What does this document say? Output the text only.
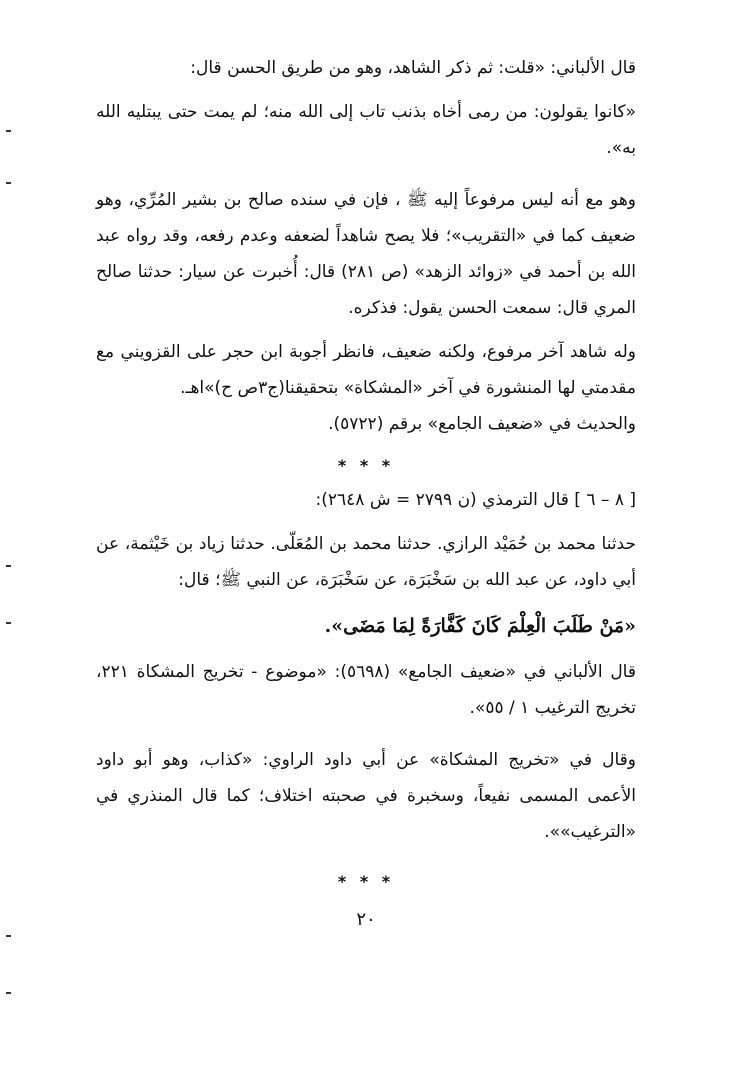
قال الألباني: «قلت: ثم ذكر الشاهد، وهو من طريق الحسن قال:

«كانوا يقولون: من رمى أخاه بذنب تاب إلى الله منه؛ لم يمت حتى يبتليه الله به».

وهو مع أنه ليس مرفوعاً إليه ﷺ ، فإن في سنده صالح بن بشير المُرِّي، وهو ضعيف كما في «التقريب»؛ فلا يصح شاهداً لضعفه وعدم رفعه، وقد رواه عبد الله بن أحمد في «زوائد الزهد» (ص ٢٨١) قال: أُخبرت عن سيار: حدثنا صالح المري قال: سمعت الحسن يقول: فذكره.

وله شاهد آخر مرفوع، ولكنه ضعيف، فانظر أجوبة ابن حجر على القزويني مع مقدمتي لها المنشورة في آخر «المشكاة» بتحقيقنا(ج٣ص ح)»اهـ.

والحديث في «ضعيف الجامع» برقم (٥٧٢٢).

* * *

[ ٨ – ٦ ] قال الترمذي (ن ٢٧٩٩ = ش ٢٦٤٨):

حدثنا محمد بن حُمَيْد الرازي. حدثنا محمد بن المُعَلّى. حدثنا زياد بن خَيْثمة، عن أبي داود، عن عبد الله بن سَخْبَرَة، عن سَخْبَرَة، عن النبي ﷺ؛ قال:

«مَنْ طَلَبَ الْعِلْمَ كَانَ كَفَّارَةً لِمَا مَضَى».

قال الألباني في «ضعيف الجامع» (٥٦٩٨): «موضوع - تخريج المشكاة ٢٢١، تخريج الترغيب ١ / ٥٥».

وقال في «تخريج المشكاة» عن أبي داود الراوي: «كذاب، وهو أبو داود الأعمى المسمى نفيعاً، وسخبرة في صحبته اختلاف؛ كما قال المنذري في «الترغيب»».

* * *
٢٠
